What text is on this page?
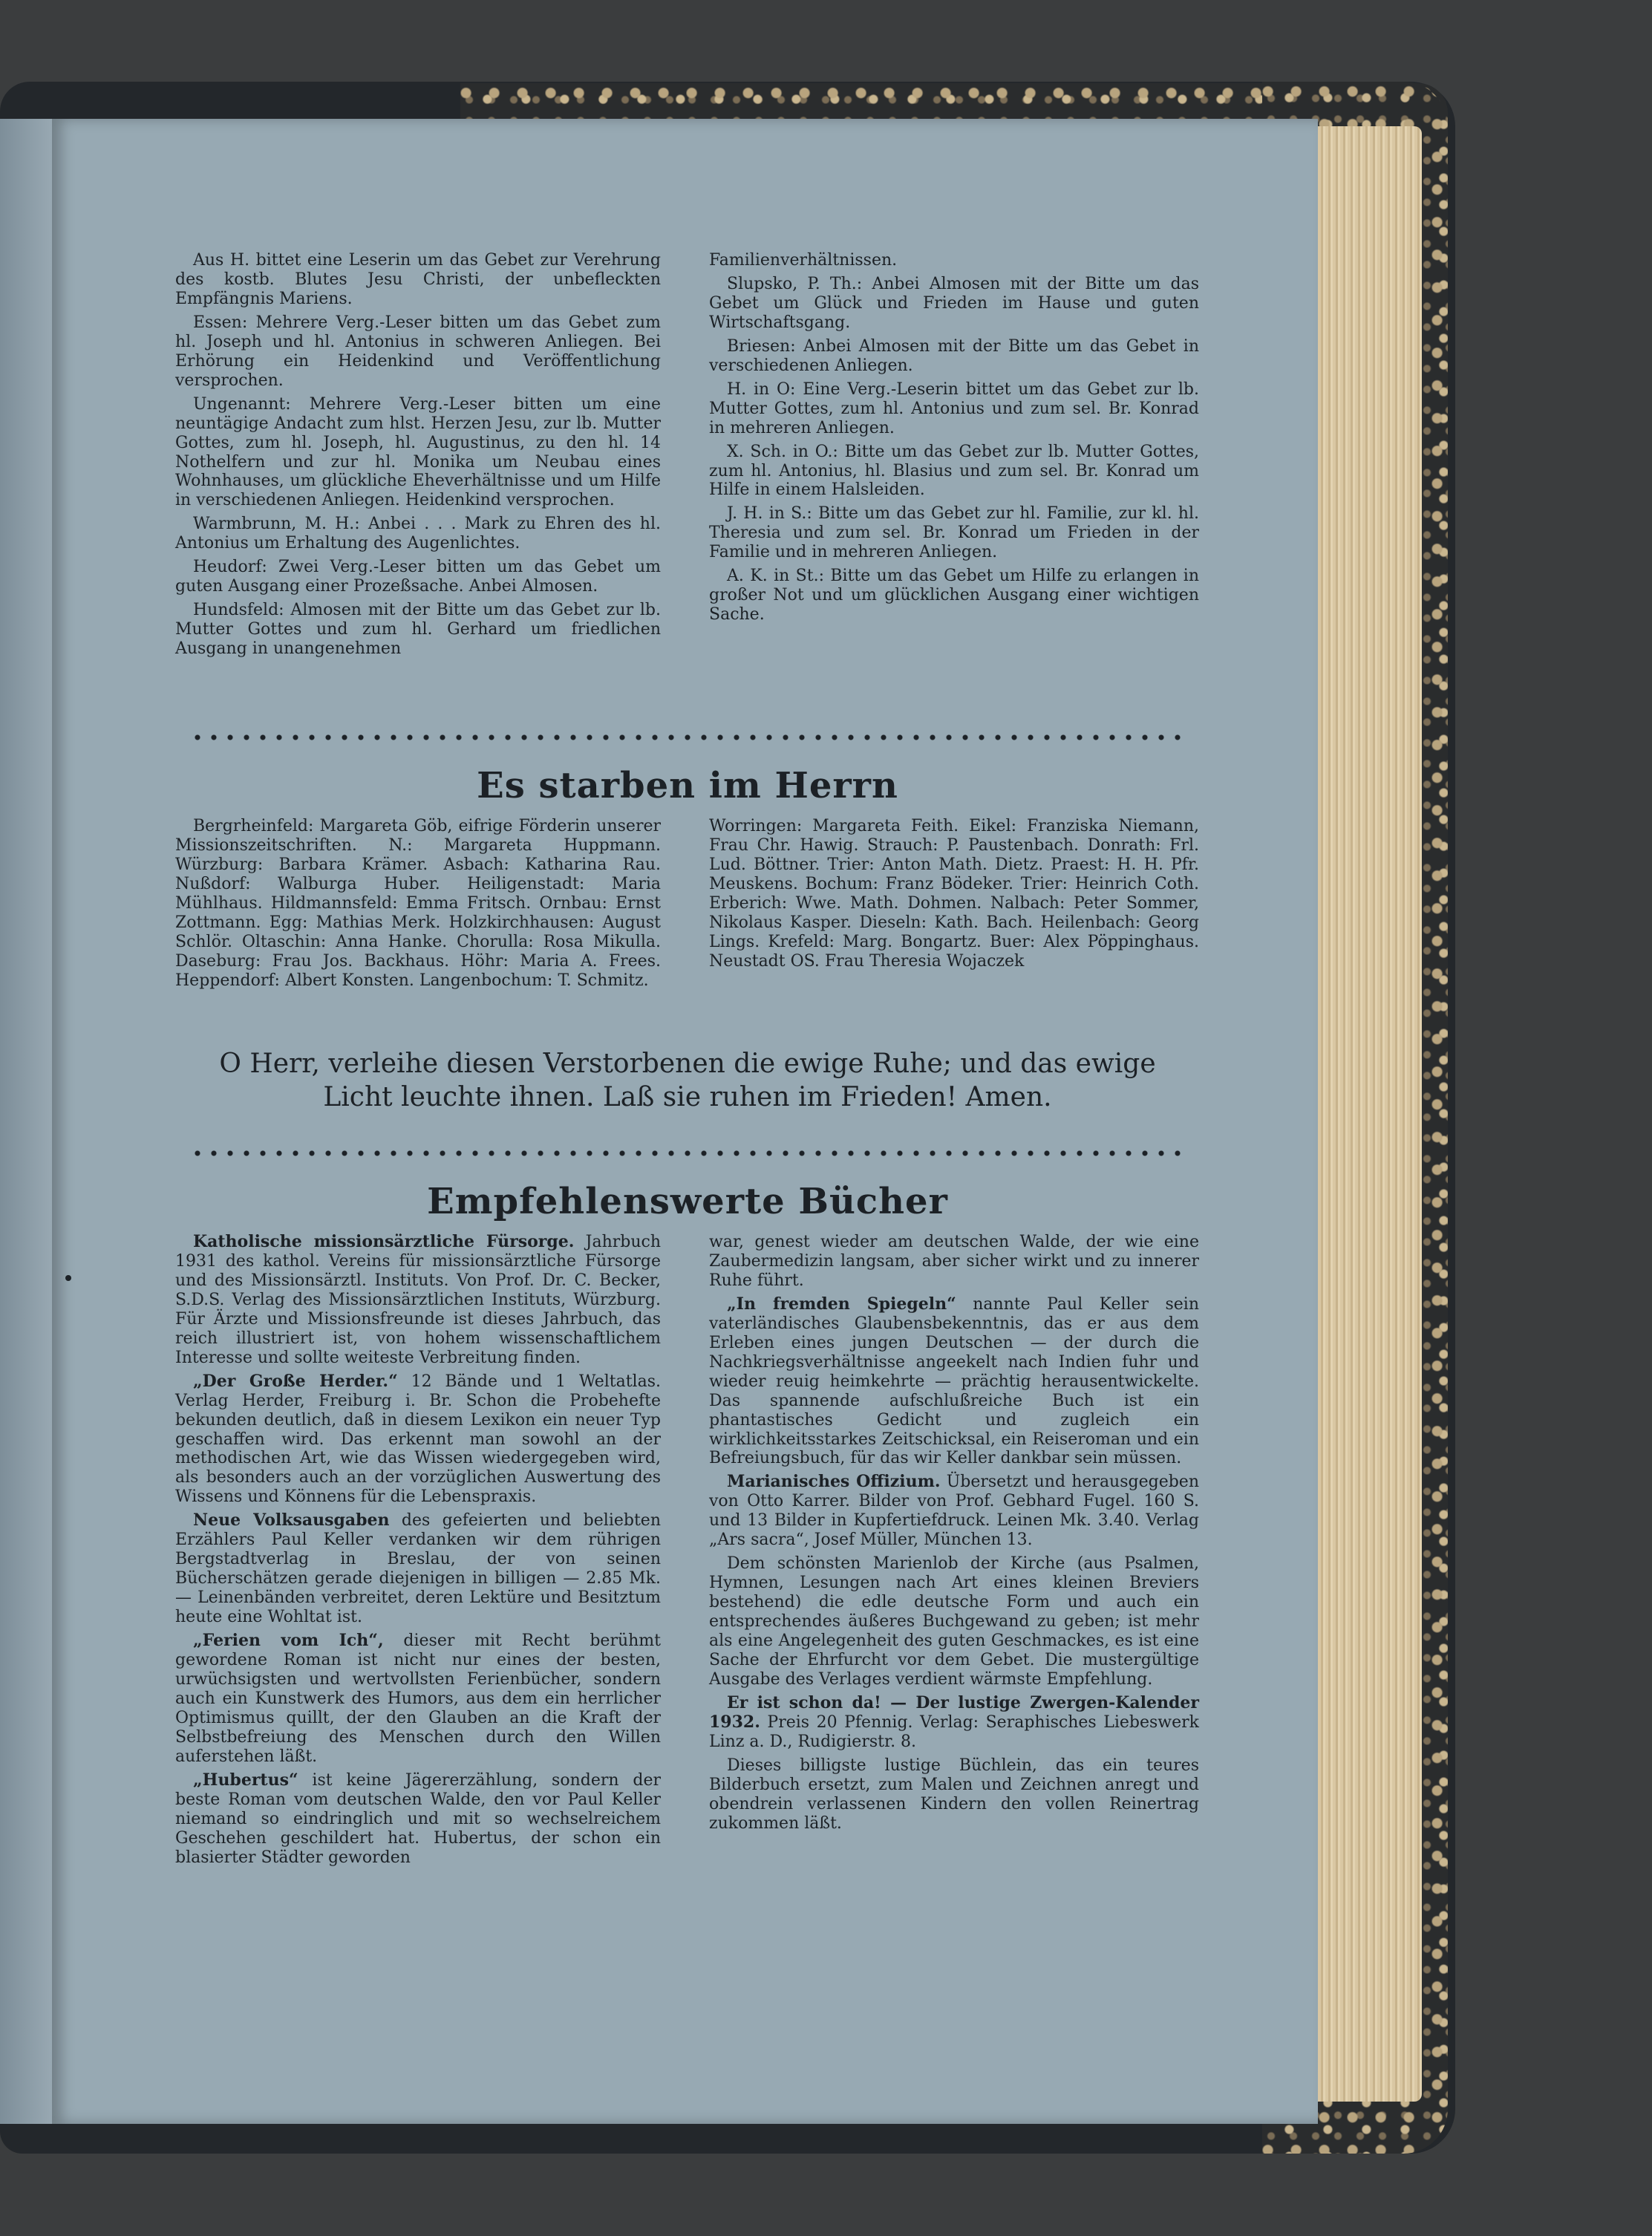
Aus H. bittet eine Leserin um das Gebet zur Verehrung des kostb. Blutes Jesu Christi, der unbefleckten Empfängnis Mariens.

Essen: Mehrere Verg.-Leser bitten um das Gebet zum hl. Joseph und hl. Antonius in schweren Anliegen. Bei Erhörung ein Heidenkind und Veröffentlichung versprochen.

Ungenannt: Mehrere Verg.-Leser bitten um eine neuntägige Andacht zum hlst. Herzen Jesu, zur lb. Mutter Gottes, zum hl. Joseph, hl. Augustinus, zu den hl. 14 Nothelfern und zur hl. Monika um Neubau eines Wohnhauses, um glückliche Eheverhältnisse und um Hilfe in verschiedenen Anliegen. Heidenkind versprochen.

Warmbrunn, M. H.: Anbei . . . Mark zu Ehren des hl. Antonius um Erhaltung des Augenlichtes.

Heudorf: Zwei Verg.-Leser bitten um das Gebet um guten Ausgang einer Prozeßsache. Anbei Almosen.

Hundsfeld: Almosen mit der Bitte um das Gebet zur lb. Mutter Gottes und zum hl. Gerhard um friedlichen Ausgang in unangenehmen

Familienverhältnissen.

Slupsko, P. Th.: Anbei Almosen mit der Bitte um das Gebet um Glück und Frieden im Hause und guten Wirtschaftsgang.

Briesen: Anbei Almosen mit der Bitte um das Gebet in verschiedenen Anliegen.

H. in O: Eine Verg.-Leserin bittet um das Gebet zur lb. Mutter Gottes, zum hl. Antonius und zum sel. Br. Konrad in mehreren Anliegen.

X. Sch. in O.: Bitte um das Gebet zur lb. Mutter Gottes, zum hl. Antonius, hl. Blasius und zum sel. Br. Konrad um Hilfe in einem Halsleiden.

J. H. in S.: Bitte um das Gebet zur hl. Familie, zur kl. hl. Theresia und zum sel. Br. Konrad um Frieden in der Familie und in mehreren Anliegen.

A. K. in St.: Bitte um das Gebet um Hilfe zu erlangen in großer Not und um glücklichen Ausgang einer wichtigen Sache.

Es starben im Herrn

Bergrheinfeld: Margareta Göb, eifrige Förderin unserer Missionszeitschriften. N.: Margareta Huppmann. Würzburg: Barbara Krämer. Asbach: Katharina Rau. Nußdorf: Walburga Huber. Heiligenstadt: Maria Mühlhaus. Hildmannsfeld: Emma Fritsch. Ornbau: Ernst Zottmann. Egg: Mathias Merk. Holzkirchhausen: August Schlör. Oltaschin: Anna Hanke. Chorulla: Rosa Mikulla. Daseburg: Frau Jos. Backhaus. Höhr: Maria A. Frees. Heppendorf: Albert Konsten. Langenbochum: T. Schmitz.

Worringen: Margareta Feith. Eikel: Franziska Niemann, Frau Chr. Hawig. Strauch: P. Paustenbach. Donrath: Frl. Lud. Böttner. Trier: Anton Math. Dietz. Praest: H. H. Pfr. Meuskens. Bochum: Franz Bödeker. Trier: Heinrich Coth. Erberich: Wwe. Math. Dohmen. Nalbach: Peter Sommer, Nikolaus Kasper. Dieseln: Kath. Bach. Heilenbach: Georg Lings. Krefeld: Marg. Bongartz. Buer: Alex Pöppinghaus. Neustadt OS. Frau Theresia Wojaczek

O Herr, verleihe diesen Verstorbenen die ewige Ruhe; und das ewige
Licht leuchte ihnen. Laß sie ruhen im Frieden! Amen.
Empfehlenswerte Bücher

Katholische missionsärztliche Fürsorge. Jahrbuch 1931 des kathol. Vereins für missionsärztliche Fürsorge und des Missionsärztl. Instituts. Von Prof. Dr. C. Becker, S.D.S. Verlag des Missionsärztlichen Instituts, Würzburg. Für Ärzte und Missionsfreunde ist dieses Jahrbuch, das reich illustriert ist, von hohem wissenschaftlichem Interesse und sollte weiteste Verbreitung finden.

„Der Große Herder.“ 12 Bände und 1 Weltatlas. Verlag Herder, Freiburg i. Br. Schon die Probehefte bekunden deutlich, daß in diesem Lexikon ein neuer Typ geschaffen wird. Das erkennt man sowohl an der methodischen Art, wie das Wissen wiedergegeben wird, als besonders auch an der vorzüglichen Auswertung des Wissens und Könnens für die Lebenspraxis.

Neue Volksausgaben des gefeierten und beliebten Erzählers Paul Keller verdanken wir dem rührigen Bergstadtverlag in Breslau, der von seinen Bücherschätzen gerade diejenigen in billigen — 2.85 Mk. — Leinenbänden verbreitet, deren Lektüre und Besitztum heute eine Wohltat ist.

„Ferien vom Ich“, dieser mit Recht berühmt gewordene Roman ist nicht nur eines der besten, urwüchsigsten und wertvollsten Ferienbücher, sondern auch ein Kunstwerk des Humors, aus dem ein herrlicher Optimismus quillt, der den Glauben an die Kraft der Selbstbefreiung des Menschen durch den Willen auferstehen läßt.

„Hubertus“ ist keine Jägererzählung, sondern der beste Roman vom deutschen Walde, den vor Paul Keller niemand so eindringlich und mit so wechselreichem Geschehen geschildert hat. Hubertus, der schon ein blasierter Städter geworden

war, genest wieder am deutschen Walde, der wie eine Zaubermedizin langsam, aber sicher wirkt und zu innerer Ruhe führt.

„In fremden Spiegeln“ nannte Paul Keller sein vaterländisches Glaubensbekenntnis, das er aus dem Erleben eines jungen Deutschen — der durch die Nachkriegsverhältnisse angeekelt nach Indien fuhr und wieder reuig heimkehrte — prächtig herausentwickelte. Das spannende aufschlußreiche Buch ist ein phantastisches Gedicht und zugleich ein wirklichkeitsstarkes Zeitschicksal, ein Reiseroman und ein Befreiungsbuch, für das wir Keller dankbar sein müssen.

Marianisches Offizium. Übersetzt und herausgegeben von Otto Karrer. Bilder von Prof. Gebhard Fugel. 160 S. und 13 Bilder in Kupfertiefdruck. Leinen Mk. 3.40. Verlag „Ars sacra“, Josef Müller, München 13.

Dem schönsten Marienlob der Kirche (aus Psalmen, Hymnen, Lesungen nach Art eines kleinen Breviers bestehend) die edle deutsche Form und auch ein entsprechendes äußeres Buchgewand zu geben; ist mehr als eine Angelegenheit des guten Geschmackes, es ist eine Sache der Ehrfurcht vor dem Gebet. Die mustergültige Ausgabe des Verlages verdient wärmste Empfehlung.

Er ist schon da! — Der lustige Zwergen-Kalender 1932. Preis 20 Pfennig. Verlag: Seraphisches Liebeswerk Linz a. D., Rudigierstr. 8.

Dieses billigste lustige Büchlein, das ein teures Bilderbuch ersetzt, zum Malen und Zeichnen anregt und obendrein verlassenen Kindern den vollen Reinertrag zukommen läßt.
